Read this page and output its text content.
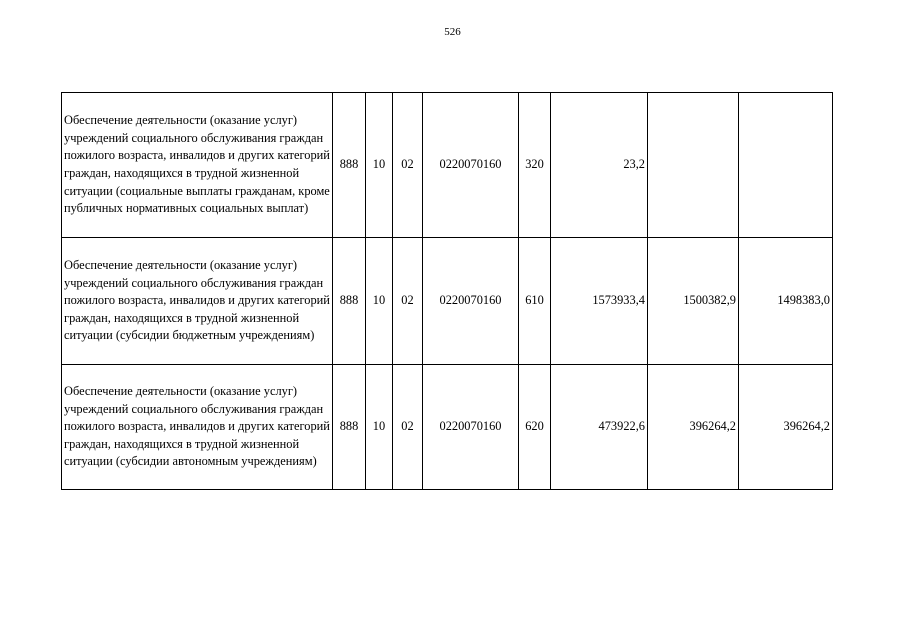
526
Обеспечение деятельности (оказание услуг) учреждений социального обслуживания граждан пожилого возраста, инвалидов и других категорий граждан, находящихся в трудной жизненной ситуации (социальные выплаты гражданам, кроме публичных нормативных социальных выплат)	888	10	02	0220070160	320	23,2		
Обеспечение деятельности (оказание услуг) учреждений социального обслуживания граждан пожилого возраста, инвалидов и других категорий граждан, находящихся в трудной жизненной ситуации (субсидии бюджетным учреждениям)	888	10	02	0220070160	610	1573933,4	1500382,9	1498383,0
Обеспечение деятельности (оказание услуг) учреждений социального обслуживания граждан пожилого возраста, инвалидов и других категорий граждан, находящихся в трудной жизненной ситуации (субсидии автономным учреждениям)	888	10	02	0220070160	620	473922,6	396264,2	396264,2
